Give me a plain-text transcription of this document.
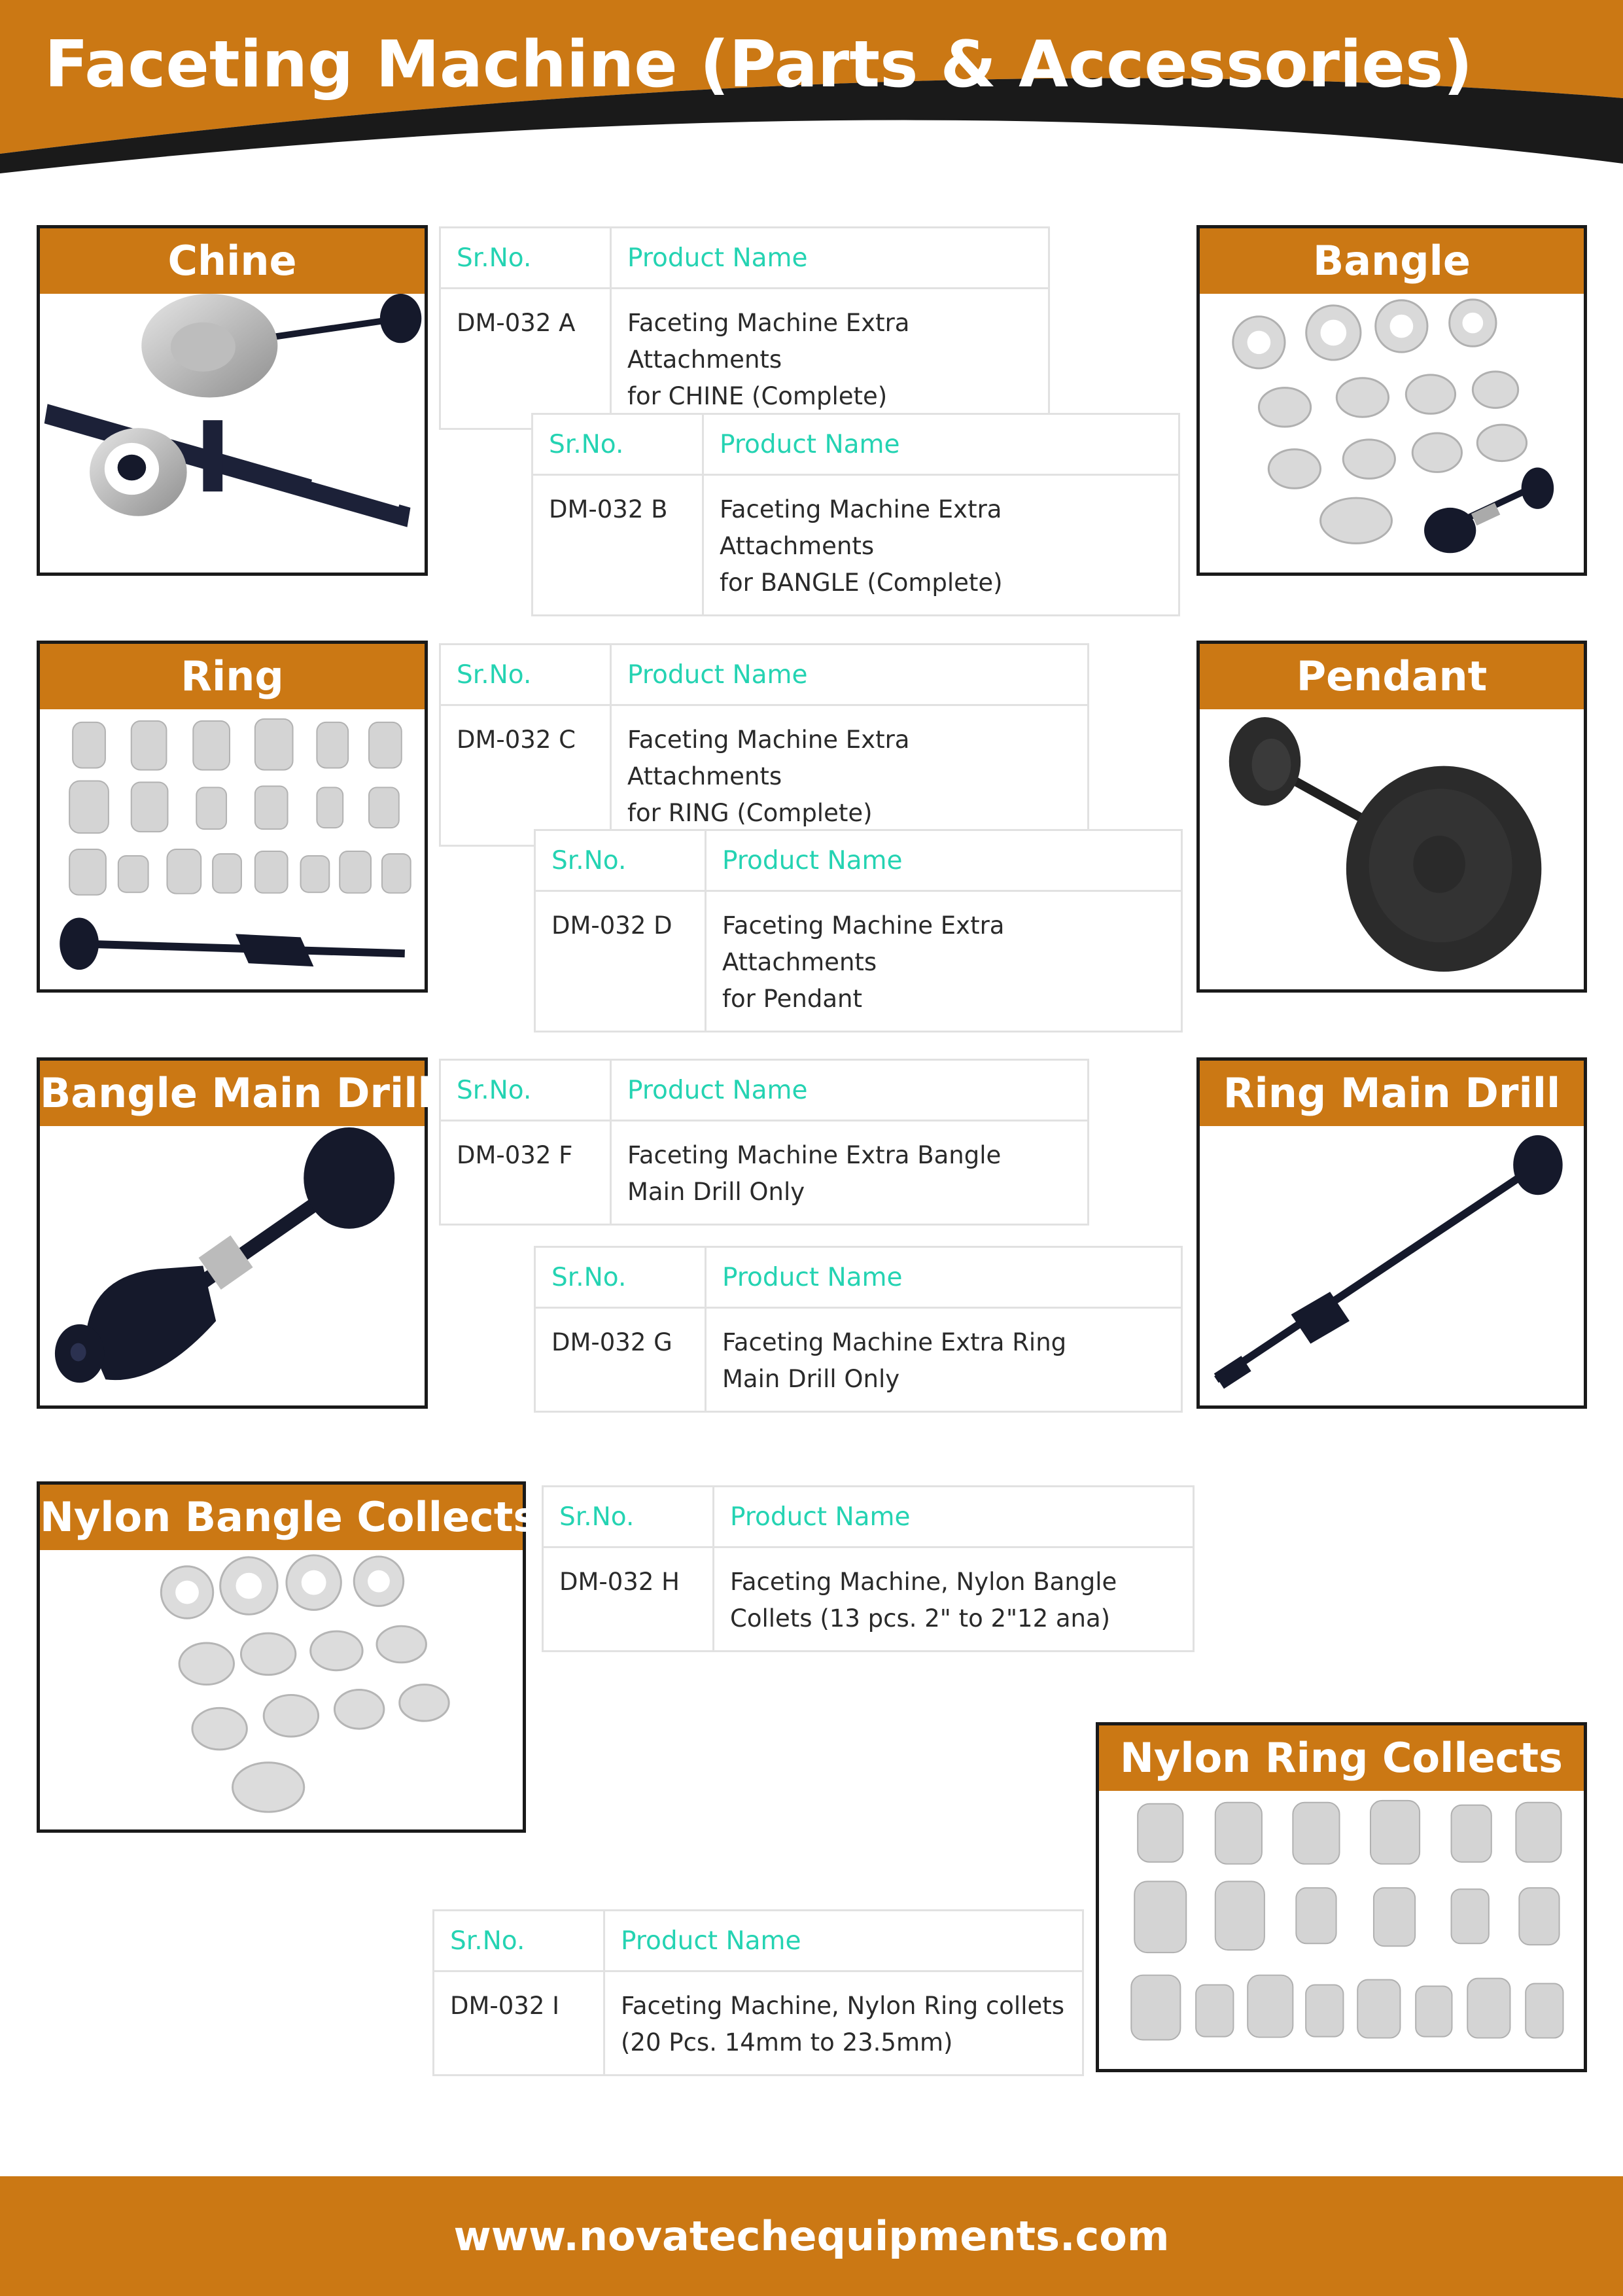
Faceting Machine (Parts & Accessories)
Chine	Bangle
Sr.No.	Product Name
DM-032 A	Faceting Machine Extra Attachments
for CHINE (Complete)
Sr.No.	Product Name
DM-032 B	Faceting Machine Extra Attachments
for BANGLE (Complete)
Ring	Pendant
Sr.No.	Product Name
DM-032 C	Faceting Machine Extra Attachments
for RING (Complete)
Sr.No.	Product Name
DM-032 D	Faceting Machine Extra Attachments
for Pendant
Bangle Main Drill	Ring Main Drill
Sr.No.	Product Name
DM-032 F	Faceting Machine Extra Bangle
Main Drill Only
Sr.No.	Product Name
DM-032 G	Faceting Machine Extra Ring
Main Drill Only
Nylon Bangle Collects Sr.No.	Product Name
DM-032 H	Faceting Machine, Nylon Bangle
Collets (13 pcs. 2" to 2"12 ana)
Nylon Ring Collects
Sr.No.	Product Name
DM-032 I	Faceting Machine, Nylon Ring collets
(20 Pcs. 14mm to 23.5mm)
www.novatechequipments.com
